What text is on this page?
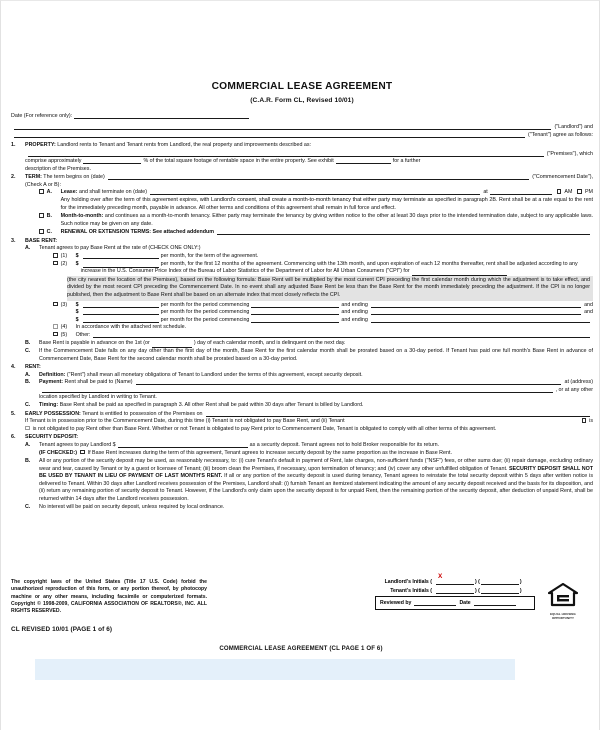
COMMERCIAL LEASE AGREEMENT
(C.A.R. Form CL, Revised 10/01)
Date (For reference only):
("Landlord") and
("Tenant") agree as follows:
1.	PROPERTY: Landlord rents to Tenant and Tenant rents from Landlord, the real property and improvements described as:
("Premises"), which
comprise approximately	% of the total square footage of rentable space in the entire property. See exhibit	for a further
description of the Premises.
2.	TERM: The term begins on (date)	("Commencement Date"),
(Check A or B):
A.	Lease: and shall terminate on (date)	at	AM PM
Any holding over after the term of this agreement expires, with Landlord's consent, shall create a month-to-month tenancy that either party may terminate as specified in paragraph 2B. Rent shall be at a rate equal to the rent for the immediately preceding month, payable in advance. All other terms and conditions of this agreement shall remain in full force and effect.
B.	Month-to-month: and continues as a month-to-month tenancy. Either party may terminate the tenancy by giving written notice to the other at least 30 days prior to the intended termination date, subject to any applicable laws. Such notice may be given on any date.
C.	RENEWAL OR EXTENSION TERMS: See attached addendum
3.	BASE RENT:
A.	Tenant agrees to pay Base Rent at the rate of (CHECK ONE ONLY:)
(1)	$	per month, for the term of the agreement.
(2)	$	per month, for the first 12 months of the agreement. Commencing with the 13th month, and upon expiration of each 12 months thereafter, rent shall be adjusted according to any increase in the U.S. Consumer Price Index of the Bureau of Labor Statistics of the Department of Labor for All Urban Consumers ("CPI") for
(the city nearest the location of the Premises), based on the following formula: Base Rent will be multiplied by the most current CPI preceding the first calendar month during which the adjustment is to take effect, and divided by the most recent CPI preceding the Commencement Date. In no event shall any adjusted Base Rent be less than the Base Rent for the month immediately preceding the adjustment. If the CPI is no longer published, then the adjustment to Base Rent shall be based on an alternate index that most closely reflects the CPI.
(3)	$	per month for the period commencing	and ending	and
$	per month for the period commencing	and ending	and
$	per month for the period commencing	and ending
(4)	In accordance with the attached rent schedule.
(5)	Other:
B.	Base Rent is payable in advance on the 1st (or	) day of each calendar month, and is delinquent on the next day.
C.	If the Commencement Date falls on any day other than the first day of the month, Base Rent for the first calendar month shall be prorated based on a 30-day period. If Tenant has paid one full month's Base Rent in advance of Commencement Date, Base Rent for the second calendar month shall be prorated based on a 30-day period.
4.	RENT:
A.	Definition: ("Rent") shall mean all monetary obligations of Tenant to Landlord under the terms of this agreement, except security deposit.
B.	Payment: Rent shall be paid to (Name)	at (address)
, or at any other
location specified by Landlord in writing to Tenant.
C.	Timing: Base Rent shall be paid as specified in paragraph 3. All other Rent shall be paid within 30 days after Tenant is billed by Landlord.
5.	EARLY POSSESSION: Tenant is entitled to possession of the Premises on
If Tenant is in possession prior to the Commencement Date, during this time (i) Tenant is not obligated to pay Base Rent, and (ii) Tenant	is
is not obligated to pay Rent other than Base Rent. Whether or not Tenant is obligated to pay Rent prior to Commencement Date, Tenant is obligated to comply with all other terms of this agreement.
6.	SECURITY DEPOSIT:
A.	Tenant agrees to pay Landlord $	as a security deposit. Tenant agrees not to hold Broker responsible for its return.
(IF CHECKED:) If Base Rent increases during the term of this agreement, Tenant agrees to increase security deposit by the same proportion as the increase in Base Rent.
B.	All or any portion of the security deposit may be used, as reasonably necessary, to: (i) cure Tenant's default in payment of Rent, late charges, non-sufficient funds ("NSF") fees, or other sums due; (ii) repair damage, excluding ordinary wear and tear, caused by Tenant or by a guest or licensee of Tenant; (iii) broom clean the Premises, if necessary, upon termination of tenancy; and (iv) cover any other unfulfilled obligation of Tenant. SECURITY DEPOSIT SHALL NOT BE USED BY TENANT IN LIEU OF PAYMENT OF LAST MONTH'S RENT. If all or any portion of the security deposit is used during tenancy, Tenant agrees to reinstate the total security deposit within 5 days after written notice is delivered to Tenant. Within 30 days after Landlord receives possession of the Premises, Landlord shall: (i) furnish Tenant an itemized statement indicating the amount of any security deposit received and the basis for its disposition, and (ii) return any remaining portion of security deposit to Tenant. However, if the Landlord's only claim upon the security deposit is for unpaid Rent, then the remaining portion of the security deposit, after deduction of unpaid Rent, shall be returned within 14 days after the Landlord receives possession.
C.	No interest will be paid on security deposit, unless required by local ordinance.
The copyright laws of the United States (Title 17 U.S. Code) forbid the unauthorized reproduction of this form, or any portion thereof, by photocopy machine or any other means, including facsimile or computerized formats. Copyright © 1998-2009, CALIFORNIA ASSOCIATION OF REALTORS®, INC. ALL RIGHTS RESERVED.
CL REVISED 10/01 (PAGE 1 of 6)
Landlord's Initials (
X
) (	)
Tenant's Initials (	) (	)
Reviewed by	Date
EQUAL HOUSING
OPPORTUNITY
COMMERCIAL LEASE AGREEMENT (CL PAGE 1 OF 6)
